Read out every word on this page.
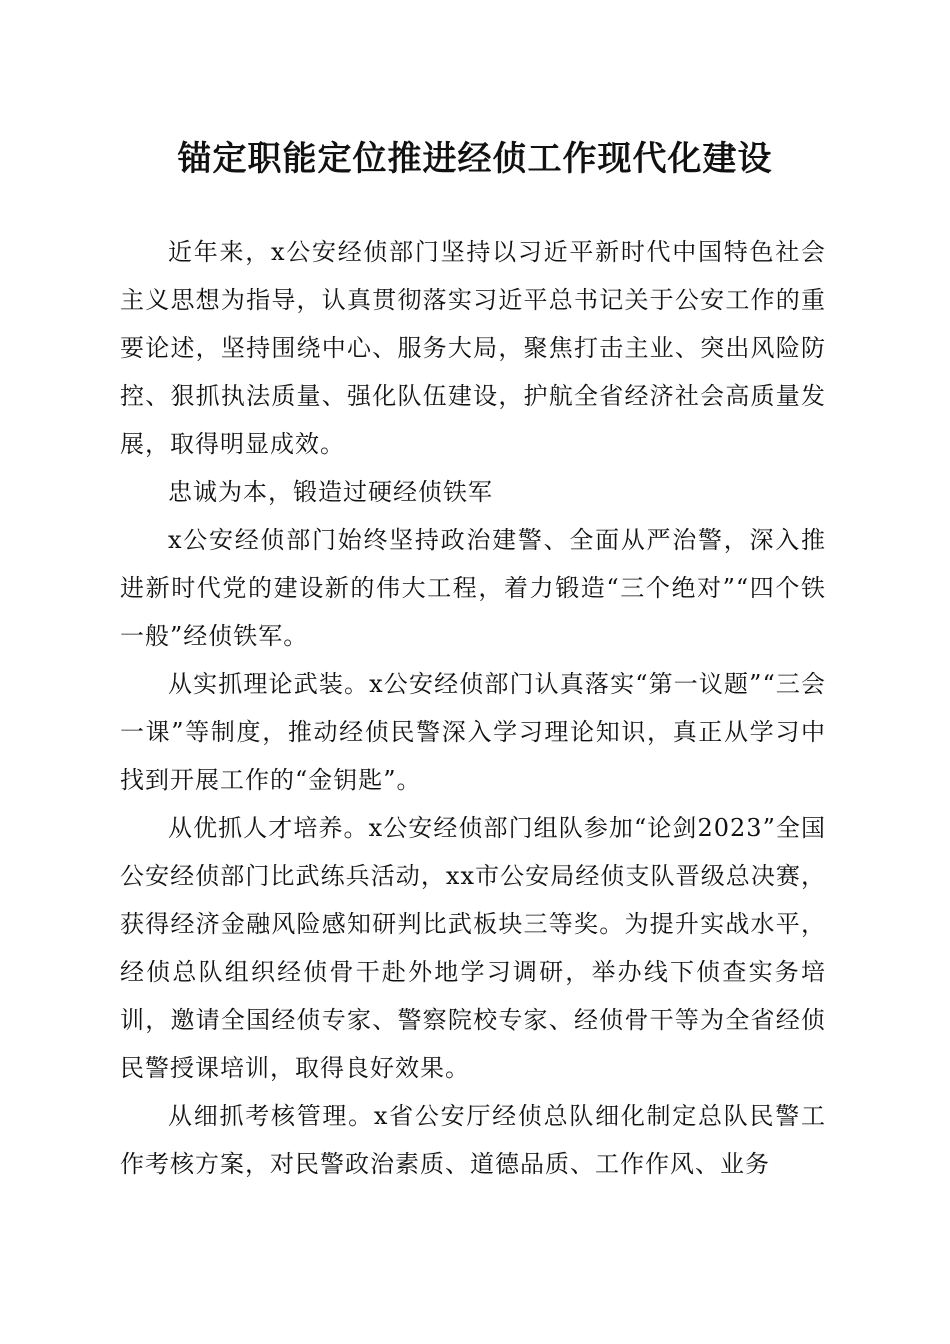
锚定职能定位推进经侦工作现代化建设

近年来，x公安经侦部门坚持以习近平新时代中国特色社会主义思想为指导，认真贯彻落实习近平总书记关于公安工作的重要论述，坚持围绕中心、服务大局，聚焦打击主业、突出风险防控、狠抓执法质量、强化队伍建设，护航全省经济社会高质量发展，取得明显成效。

忠诚为本，锻造过硬经侦铁军

x公安经侦部门始终坚持政治建警、全面从严治警，深入推进新时代党的建设新的伟大工程，着力锻造“三个绝对”“四个铁一般”经侦铁军。

从实抓理论武装。x公安经侦部门认真落实“第一议题”“三会一课”等制度，推动经侦民警深入学习理论知识，真正从学习中找到开展工作的“金钥匙”。

从优抓人才培养。x公安经侦部门组队参加“论剑2023”全国公安经侦部门比武练兵活动，xx市公安局经侦支队晋级总决赛，获得经济金融风险感知研判比武板块三等奖。为提升实战水平，经侦总队组织经侦骨干赴外地学习调研，举办线下侦查实务培训，邀请全国经侦专家、警察院校专家、经侦骨干等为全省经侦民警授课培训，取得良好效果。

从细抓考核管理。x省公安厅经侦总队细化制定总队民警工作考核方案，对民警政治素质、道德品质、工作作风、业务
